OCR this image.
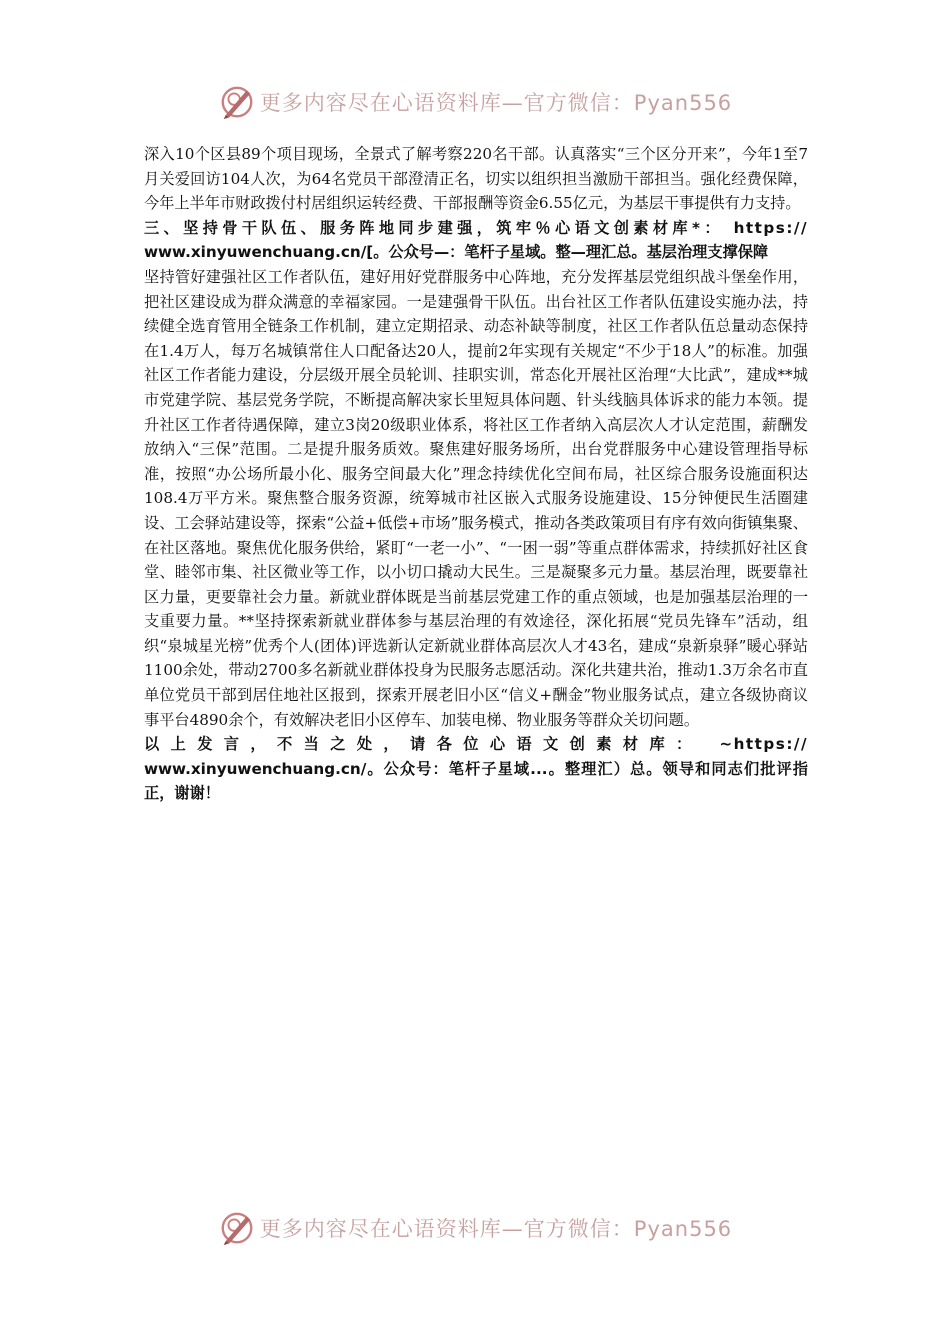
更多内容尽在心语资料库—官方微信：Pyan556

深入10个区县89个项目现场，全景式了解考察220名干部。认真落实“三个区分开来”，今年1至7月关爱回访104人次，为64名党员干部澄清正名，切实以组织担当激励干部担当。强化经费保障，今年上半年市财政拨付村居组织运转经费、干部报酬等资金6.55亿元，为基层干事提供有力支持。

三、坚持骨干队伍、服务阵地同步建强，筑牢％心语文创素材库*： https://

www.xinyuwenchuang.cn/[。公众号—：笔杆子星域。整—理汇总。基层治理支撑保障

坚持管好建强社区工作者队伍，建好用好党群服务中心阵地，充分发挥基层党组织战斗堡垒作用，把社区建设成为群众满意的幸福家园。一是建强骨干队伍。出台社区工作者队伍建设实施办法，持续健全选育管用全链条工作机制，建立定期招录、动态补缺等制度，社区工作者队伍总量动态保持在1.4万人，每万名城镇常住人口配备达20人，提前2年实现有关规定“不少于18人”的标准。加强社区工作者能力建设，分层级开展全员轮训、挂职实训，常态化开展社区治理“大比武”，建成**城市党建学院、基层党务学院，不断提高解决家长里短具体问题、针头线脑具体诉求的能力本领。提升社区工作者待遇保障，建立3岗20级职业体系，将社区工作者纳入高层次人才认定范围，薪酬发放纳入“三保”范围。二是提升服务质效。聚焦建好服务场所，出台党群服务中心建设管理指导标准，按照“办公场所最小化、服务空间最大化”理念持续优化空间布局，社区综合服务设施面积达108.4万平方米。聚焦整合服务资源，统筹城市社区嵌入式服务设施建设、15分钟便民生活圈建设、工会驿站建设等，探索“公益+低偿+市场”服务模式，推动各类政策项目有序有效向街镇集聚、在社区落地。聚焦优化服务供给，紧盯“一老一小”、“一困一弱”等重点群体需求，持续抓好社区食堂、睦邻市集、社区微业等工作，以小切口撬动大民生。三是凝聚多元力量。基层治理，既要靠社区力量，更要靠社会力量。新就业群体既是当前基层党建工作的重点领域，也是加强基层治理的一支重要力量。**坚持探索新就业群体参与基层治理的有效途径，深化拓展“党员先锋车”活动，组织“泉城星光榜”优秀个人(团体)评选新认定新就业群体高层次人才43名，建成“泉新泉驿”暖心驿站1100余处，带动2700多名新就业群体投身为民服务志愿活动。深化共建共治，推动1.3万余名市直单位党员干部到居住地社区报到，探索开展老旧小区“信义+酬金”物业服务试点，建立各级协商议事平台4890余个，有效解决老旧小区停车、加装电梯、物业服务等群众关切问题。

以上发言，不当之处，请各位心语文创素材库： ~https://

www.xinyuwenchuang.cn/。公众号：笔杆子星域...。整理汇）总。领导和同志们批评指正，谢谢！

更多内容尽在心语资料库—官方微信：Pyan556
